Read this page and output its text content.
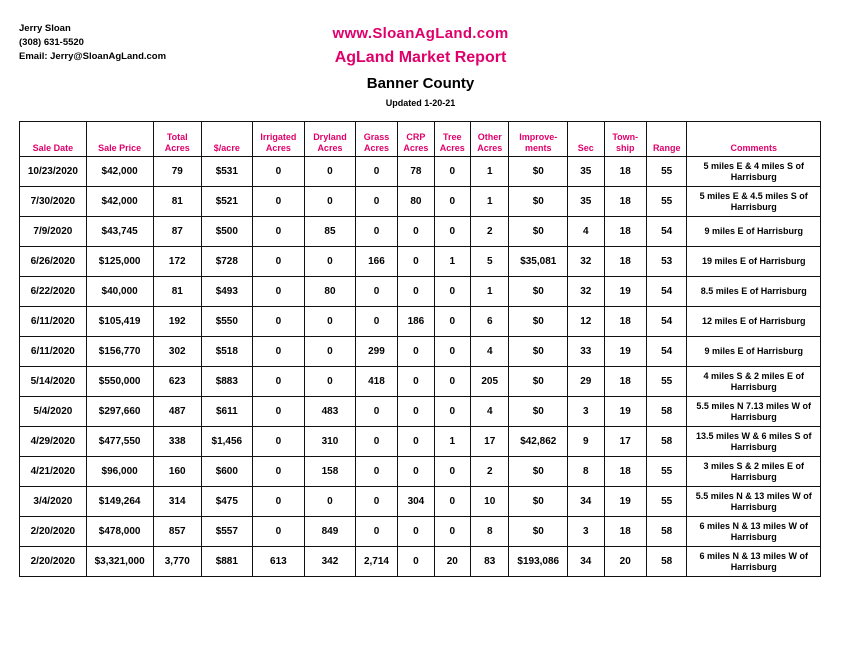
Jerry Sloan
(308) 631-5520
Email: Jerry@SloanAgLand.com
www.SloanAgLand.com
AgLand Market Report
Banner County
Updated 1-20-21
Sale Date	Sale Price	Total Acres	$/acre	Irrigated Acres	Dryland Acres	Grass Acres	CRP Acres	Tree Acres	Other Acres	Improve-ments	Sec	Town-ship	Range	Comments
10/23/2020	$42,000	79	$531	0	0	0	78	0	1	$0	35	18	55	5 miles E & 4 miles S of Harrisburg
7/30/2020	$42,000	81	$521	0	0	0	80	0	1	$0	35	18	55	5 miles E & 4.5 miles S of Harrisburg
7/9/2020	$43,745	87	$500	0	85	0	0	0	2	$0	4	18	54	9 miles E of Harrisburg
6/26/2020	$125,000	172	$728	0	0	166	0	1	5	$35,081	32	18	53	19 miles E of Harrisburg
6/22/2020	$40,000	81	$493	0	80	0	0	0	1	$0	32	19	54	8.5 miles E of Harrisburg
6/11/2020	$105,419	192	$550	0	0	0	186	0	6	$0	12	18	54	12 miles E of Harrisburg
6/11/2020	$156,770	302	$518	0	0	299	0	0	4	$0	33	19	54	9 miles E of Harrisburg
5/14/2020	$550,000	623	$883	0	0	418	0	0	205	$0	29	18	55	4 miles S & 2 miles E of Harrisburg
5/4/2020	$297,660	487	$611	0	483	0	0	0	4	$0	3	19	58	5.5 miles N 7.13 miles W of Harrisburg
4/29/2020	$477,550	338	$1,456	0	310	0	0	1	17	$42,862	9	17	58	13.5 miles W & 6 miles S of Harrisburg
4/21/2020	$96,000	160	$600	0	158	0	0	0	2	$0	8	18	55	3 miles S & 2 miles E of Harrisburg
3/4/2020	$149,264	314	$475	0	0	0	304	0	10	$0	34	19	55	5.5 miles N & 13 miles W of Harrisburg
2/20/2020	$478,000	857	$557	0	849	0	0	0	8	$0	3	18	58	6 miles N & 13 miles W of Harrisburg
2/20/2020	$3,321,000	3,770	$881	613	342	2,714	0	20	83	$193,086	34	20	58	6 miles N & 13 miles W of Harrisburg
